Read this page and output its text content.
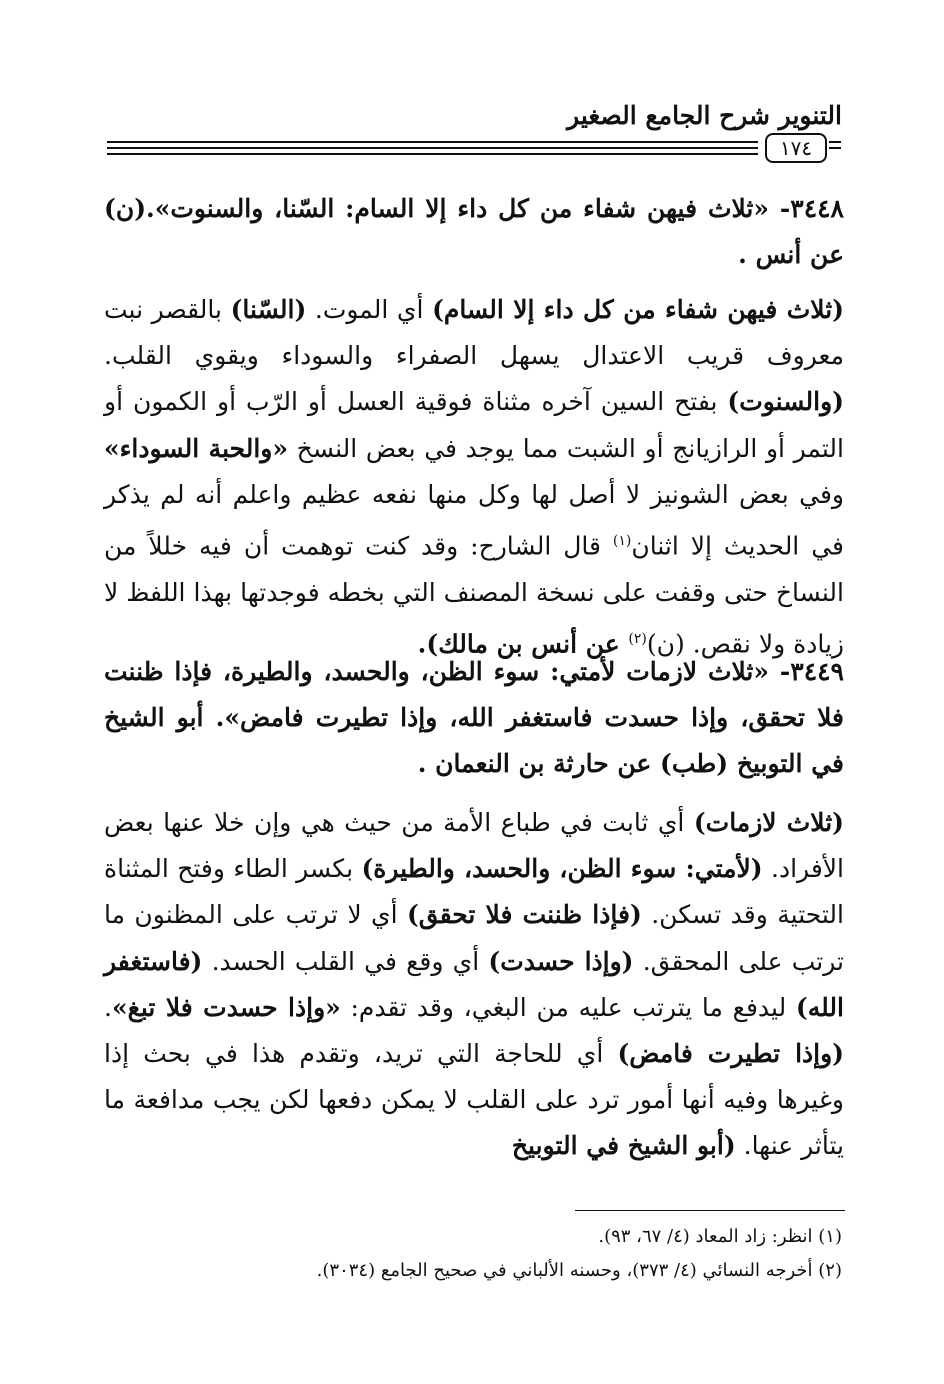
التنوير شرح الجامع الصغير
١٧٤

٣٤٤٨- «ثلاث فيهن شفاء من كل داء إلا السام: السّنا، والسنوت».(ن) عن أنس .

(ثلاث فيهن شفاء من كل داء إلا السام) أي الموت. (السّنا) بالقصر نبت معروف قريب الاعتدال يسهل الصفراء والسوداء ويقوي القلب. (والسنوت) بفتح السين آخره مثناة فوقية العسل أو الرّب أو الكمون أو التمر أو الرازيانج أو الشبت مما يوجد في بعض النسخ «والحبة السوداء» وفي بعض الشونيز لا أصل لها وكل منها نفعه عظيم واعلم أنه لم يذكر في الحديث إلا اثنان$^{(١)}$ قال الشارح: وقد كنت توهمت أن فيه خللاً من النساخ حتى وقفت على نسخة المصنف التي بخطه فوجدتها بهذا اللفظ لا زيادة ولا نقص. (ن)$^{(٢)}$ عن أنس بن مالك).

٣٤٤٩- «ثلاث لازمات لأمتي: سوء الظن، والحسد، والطيرة، فإذا ظننت فلا تحقق، وإذا حسدت فاستغفر الله، وإذا تطيرت فامض». أبو الشيخ في التوبيخ (طب) عن حارثة بن النعمان .

(ثلاث لازمات) أي ثابت في طباع الأمة من حيث هي وإن خلا عنها بعض الأفراد. (لأمتي: سوء الظن، والحسد، والطيرة) بكسر الطاء وفتح المثناة التحتية وقد تسكن. (فإذا ظننت فلا تحقق) أي لا ترتب على المظنون ما ترتب على المحقق. (وإذا حسدت) أي وقع في القلب الحسد. (فاستغفر الله) ليدفع ما يترتب عليه من البغي، وقد تقدم: «وإذا حسدت فلا تبغ». (وإذا تطيرت فامض) أي للحاجة التي تريد، وتقدم هذا في بحث إذا وغيرها وفيه أنها أمور ترد على القلب لا يمكن دفعها لكن يجب مدافعة ما يتأثر عنها. (أبو الشيخ في التوبيخ

(١) انظر: زاد المعاد (٤/ ٦٧، ٩٣).
(٢) أخرجه النسائي (٤/ ٣٧٣)، وحسنه الألباني في صحيح الجامع (٣٠٣٤).
